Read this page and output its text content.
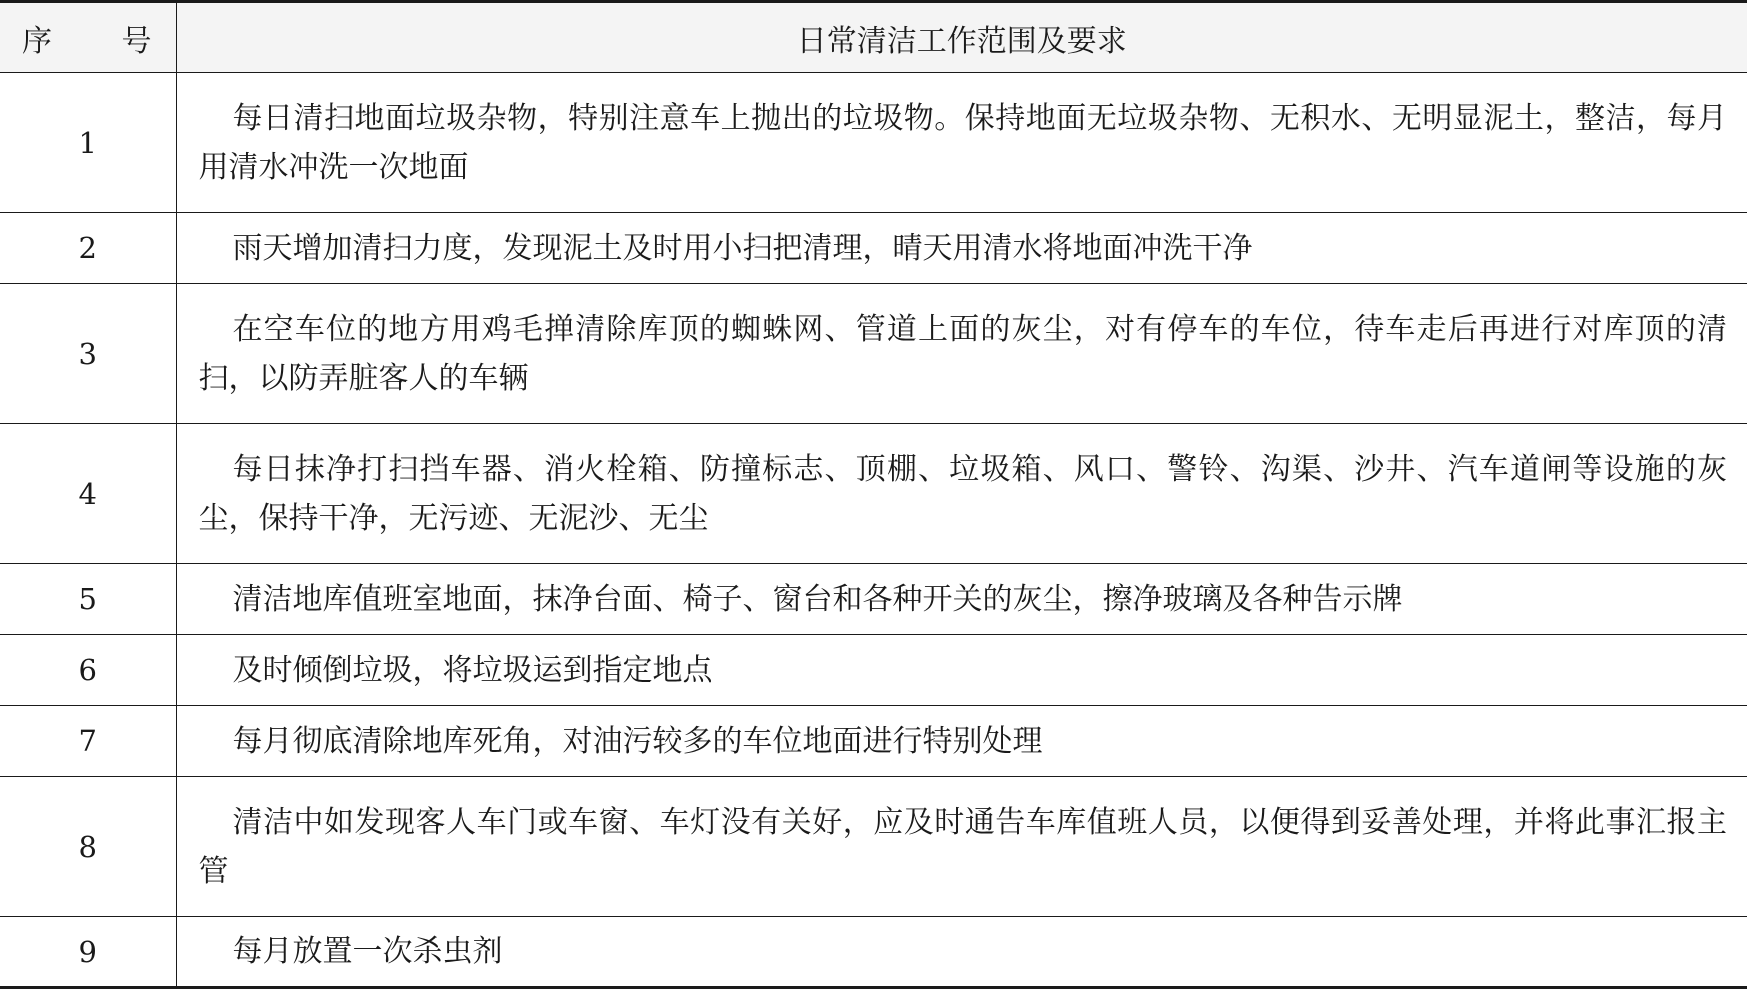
序 号	日常清洁工作范围及要求
1	每日清扫地面垃圾杂物，特别注意车上抛出的垃圾物。保持地面无垃圾杂物、无积水、无明显泥土，整洁，每月用清水冲洗一次地面
2	雨天增加清扫力度，发现泥土及时用小扫把清理，晴天用清水将地面冲洗干净
3	在空车位的地方用鸡毛掸清除库顶的蜘蛛网、管道上面的灰尘，对有停车的车位，待车走后再进行对库顶的清扫，以防弄脏客人的车辆
4	每日抹净打扫挡车器、消火栓箱、防撞标志、顶棚、垃圾箱、风口、警铃、沟渠、沙井、汽车道闸等设施的灰尘，保持干净，无污迹、无泥沙、无尘
5	清洁地库值班室地面，抹净台面、椅子、窗台和各种开关的灰尘，擦净玻璃及各种告示牌
6	及时倾倒垃圾，将垃圾运到指定地点
7	每月彻底清除地库死角，对油污较多的车位地面进行特别处理
8	清洁中如发现客人车门或车窗、车灯没有关好，应及时通告车库值班人员，以便得到妥善处理，并将此事汇报主管
9	每月放置一次杀虫剂
